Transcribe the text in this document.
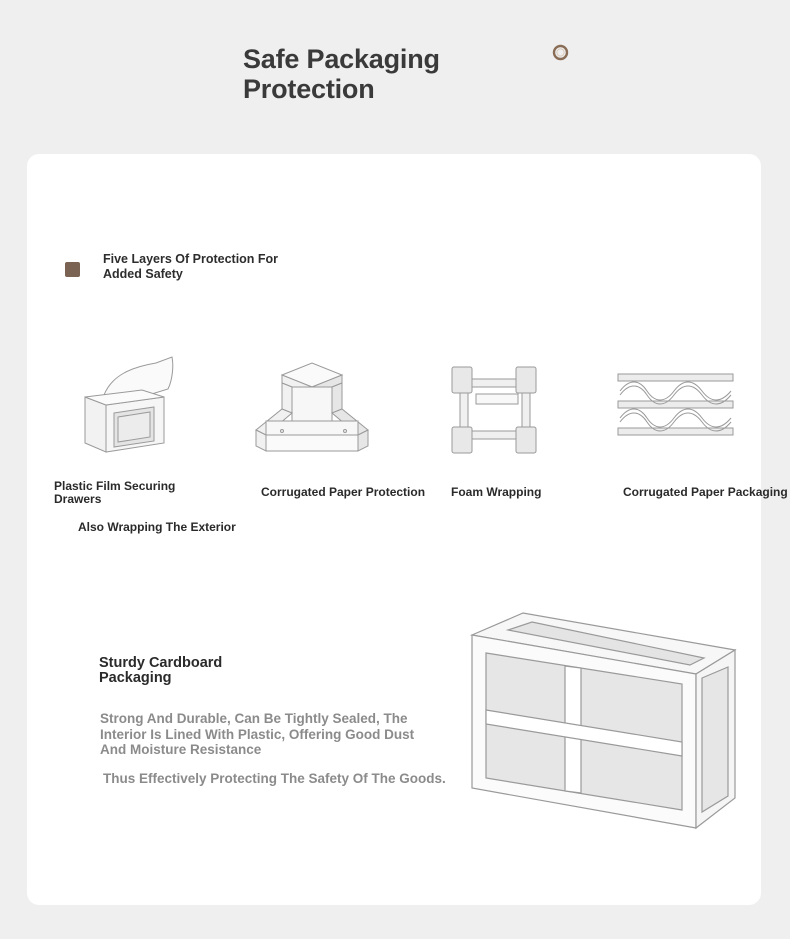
Safe Packaging Protection
Five Layers Of Protection For Added Safety
Plastic Film Securing Drawers
Also Wrapping The Exterior
Corrugated Paper Protection Foam Wrapping	Corrugated Paper Packaging
Sturdy Cardboard Packaging
Strong And Durable, Can Be Tightly Sealed, The Interior Is Lined With Plastic, Offering Good Dust And Moisture Resistance
Thus Effectively Protecting The Safety Of The Goods.
